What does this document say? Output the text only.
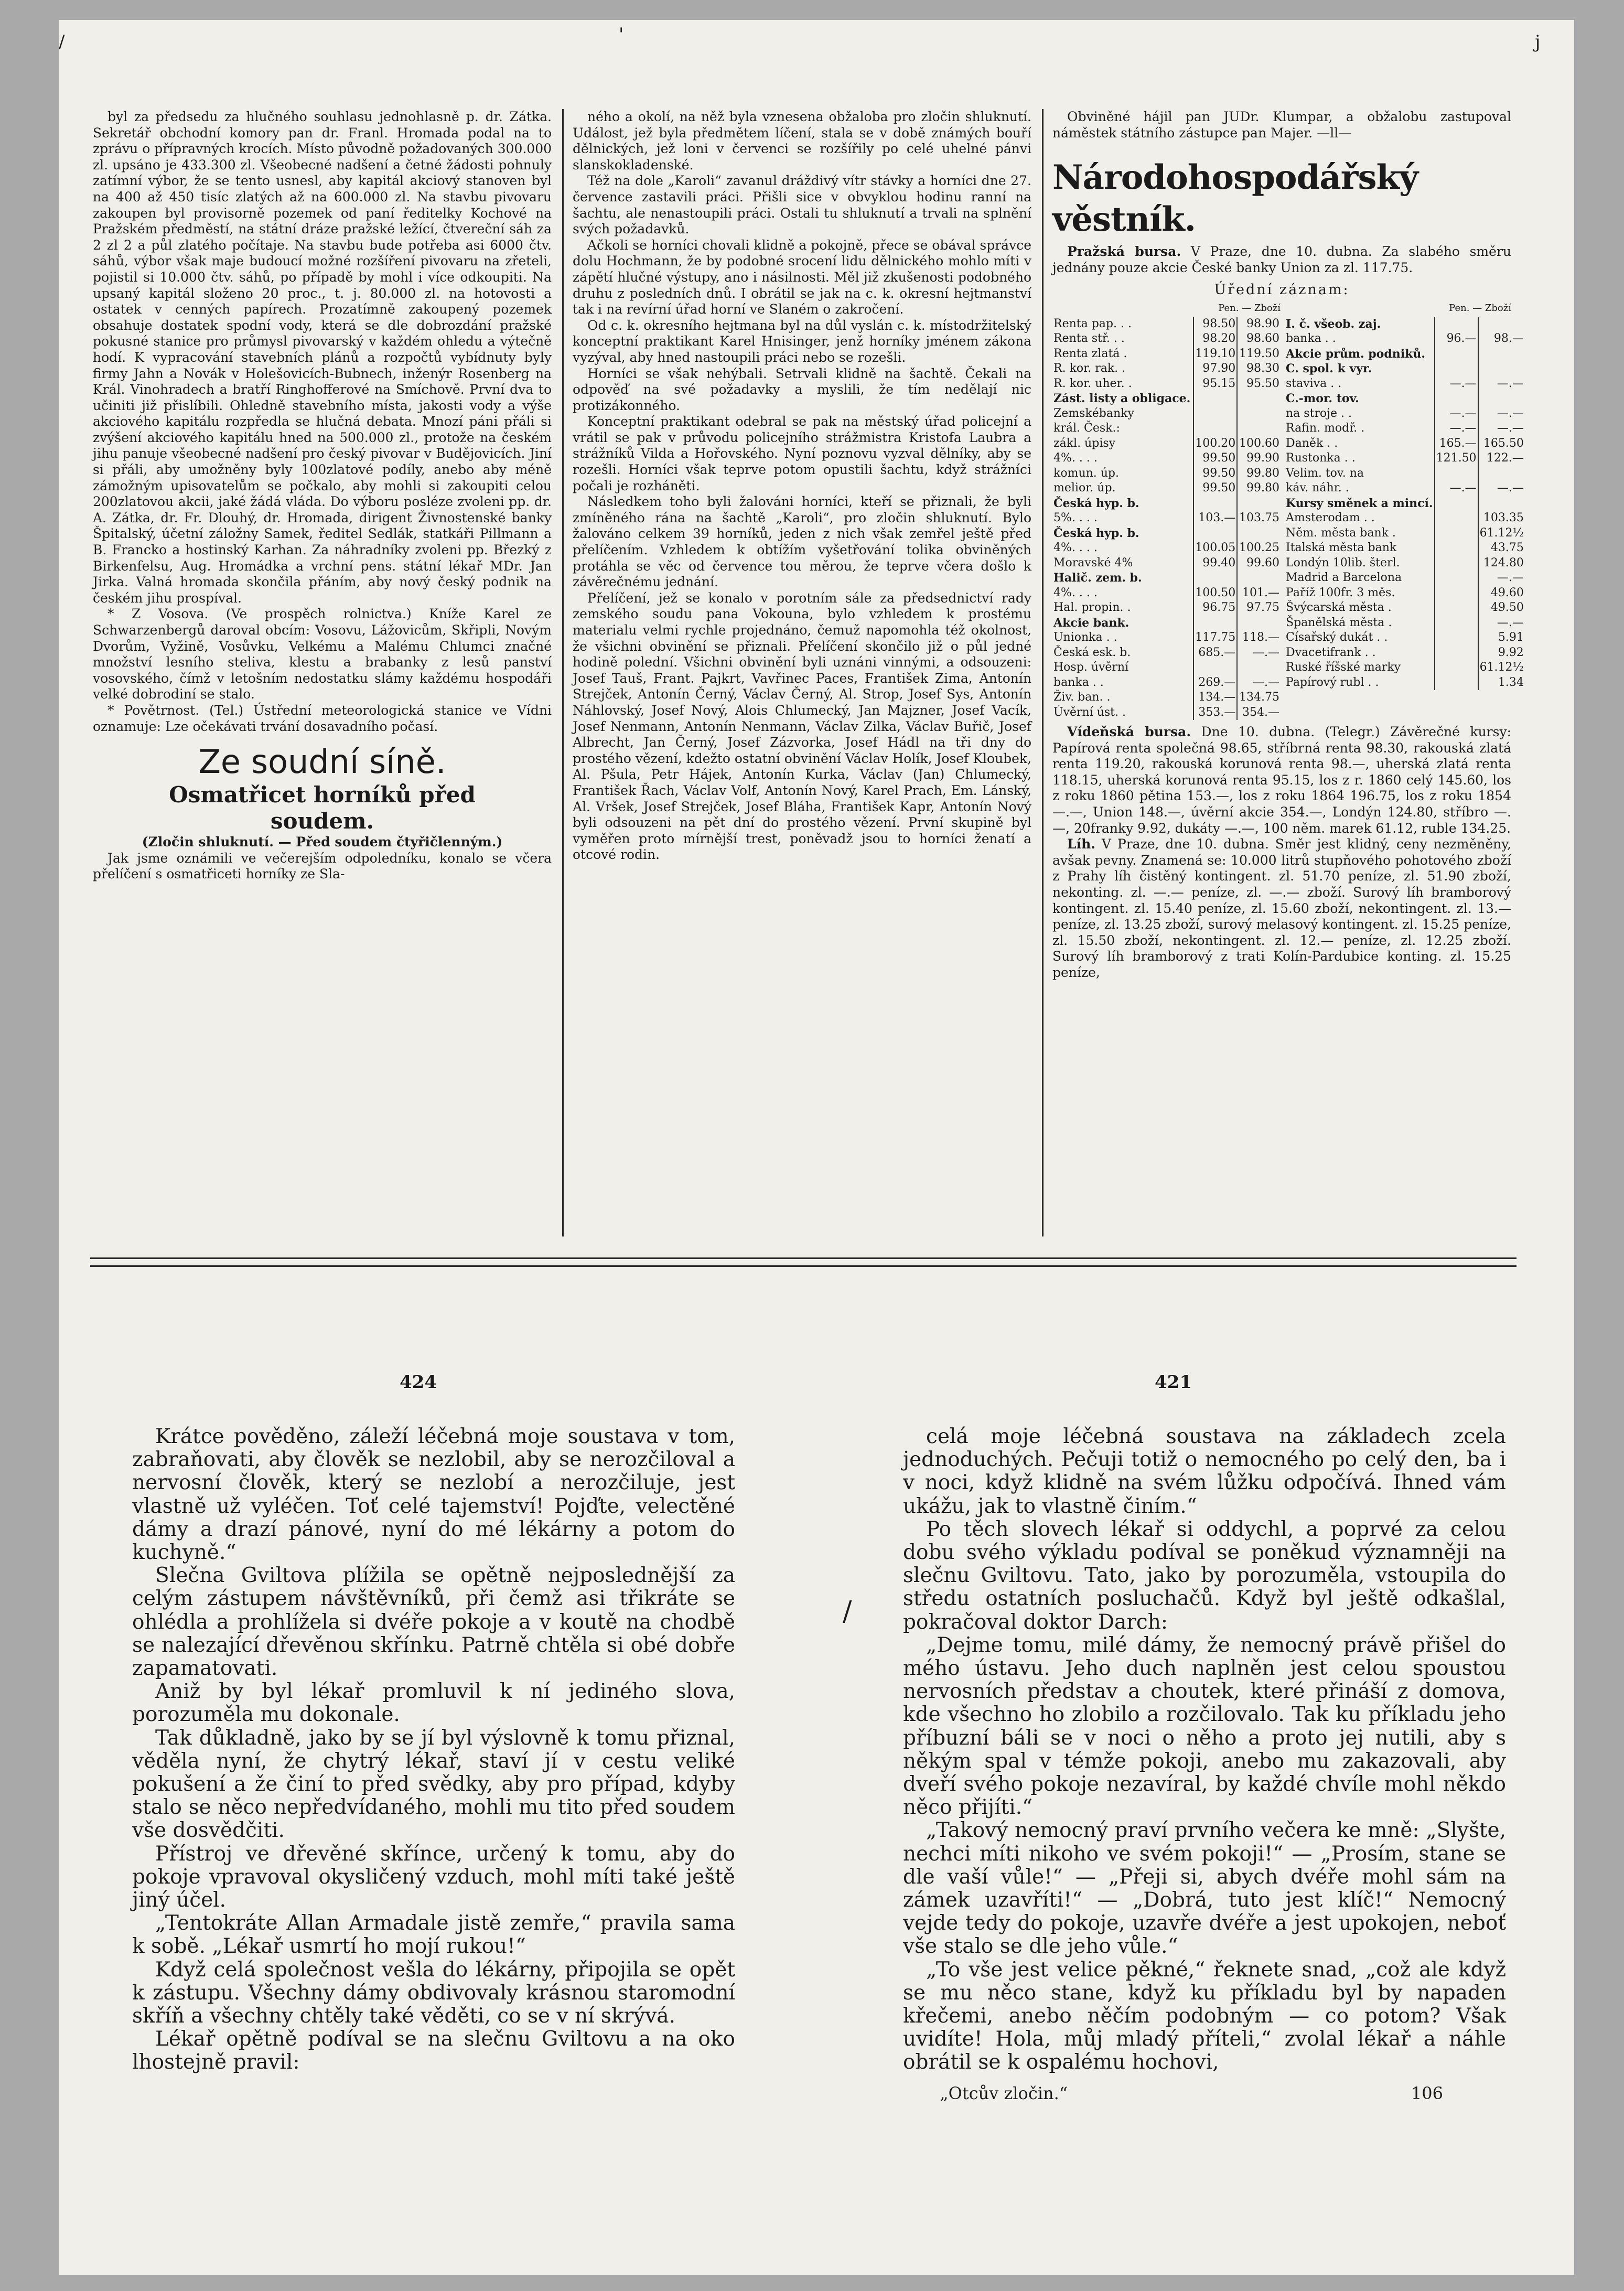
/	'	j

byl za předsedu za hlučného souhlasu jednohlasně p. dr. Zátka. Sekretář obchodní komory pan dr. Franl. Hromada podal na to zprávu o přípravných krocích. Místo původně požadovaných 300.000 zl. upsáno je 433.300 zl. Všeobecné nadšení a četné žádosti pohnuly zatímní výbor, že se tento usnesl, aby kapitál akciový stanoven byl na 400 až 450 tisíc zlatých až na 600.000 zl. Na stavbu pivovaru zakoupen byl provisorně pozemek od paní ředitelky Kochové na Pražském předměstí, na státní dráze pražské ležící, čtvereční sáh za 2 zl 2 a půl zlatého počítaje. Na stavbu bude potřeba asi 6000 čtv. sáhů, výbor však maje budoucí možné rozšíření pivovaru na zřeteli, pojistil si 10.000 čtv. sáhů, po případě by mohl i více odkoupiti. Na upsaný kapitál složeno 20 proc., t. j. 80.000 zl. na hotovosti a ostatek v cenných papírech. Prozatímně zakoupený pozemek obsahuje dostatek spodní vody, která se dle dobrozdání pražské pokusné stanice pro průmysl pivovarský v každém ohledu a výtečně hodí. K vypracování stavebních plánů a rozpočtů vybídnuty byly firmy Jahn a Novák v Holešovicích-Bubnech, inženýr Rosenberg na Král. Vinohradech a bratří Ringhofferové na Smíchově. První dva to učiniti již přislíbili. Ohledně stavebního místa, jakosti vody a výše akciového kapitálu rozpředla se hlučná debata. Mnozí páni přáli si zvýšení akciového kapitálu hned na 500.000 zl., protože na českém jihu panuje všeobecné nadšení pro český pivovar v Budějovicích. Jiní si přáli, aby umožněny byly 100zlatové podíly, anebo aby méně zámožným upisovatelům se počkalo, aby mohli si zakoupiti celou 200zlatovou akcii, jaké žádá vláda. Do výboru posléze zvoleni pp. dr. A. Zátka, dr. Fr. Dlouhý, dr. Hromada, dirigent Živnostenské banky Špitalský, účetní záložny Samek, ředitel Sedlák, statkáři Pillmann a B. Francko a hostinský Karhan. Za náhradníky zvoleni pp. Březký z Birkenfelsu, Aug. Hromádka a vrchní pens. státní lékař MDr. Jan Jirka. Valná hromada skončila přáním, aby nový český podnik na českém jihu prospíval.

* Z Vosova. (Ve prospěch rolnictva.) Kníže Karel ze Schwarzenbergů daroval obcím: Vosovu, Lážovicům, Skřipli, Novým Dvorům, Vyžině, Vosůvku, Velkému a Malému Chlumci značné množství lesního steliva, klestu a brabanky z lesů panství vosovského, čímž v letošním nedostatku slámy každému hospodáři velké dobrodiní se stalo.

* Povětrnost. (Tel.) Ústřední meteorologická stanice ve Vídni oznamuje: Lze očekávati trvání dosavadního počasí.

Ze soudní síně.
Osmatřicet horníků před
soudem.

(Zločin shluknutí. — Před soudem čtyřičlenným.)

Jak jsme oznámili ve večerejším odpoledníku, konalo se včera přelíčení s osmatřiceti horníky ze Sla-

ného a okolí, na něž byla vznesena obžaloba pro zločin shluknutí. Událost, jež byla předmětem líčení, stala se v době známých bouří dělnických, jež loni v červenci se rozšířily po celé uhelné pánvi slanskokladenské.

Též na dole „Karoli“ zavanul dráždivý vítr stávky a horníci dne 27. července zastavili práci. Přišli sice v obvyklou hodinu ranní na šachtu, ale nenastoupili práci. Ostali tu shluknutí a trvali na splnění svých požadavků.

Ačkoli se horníci chovali klidně a pokojně, přece se obával správce dolu Hochmann, že by podobné srocení lidu dělnického mohlo míti v zápětí hlučné výstupy, ano i násilnosti. Měl již zkušenosti podobného druhu z posledních dnů. I obrátil se jak na c. k. okresní hejtmanství tak i na revírní úřad horní ve Slaném o zakročení.

Od c. k. okresního hejtmana byl na důl vyslán c. k. místodržitelský konceptní praktikant Karel Hnisinger, jenž horníky jménem zákona vyzýval, aby hned nastoupili práci nebo se rozešli.

Horníci se však nehýbali. Setrvali klidně na šachtě. Čekali na odpověď na své požadavky a myslili, že tím nedělají nic protizákonného.

Konceptní praktikant odebral se pak na městský úřad policejní a vrátil se pak v průvodu policejního strážmistra Kristofa Laubra a strážníků Vilda a Hořovského. Nyní poznovu vyzval dělníky, aby se rozešli. Horníci však teprve potom opustili šachtu, když strážníci počali je rozháněti.

Následkem toho byli žalováni horníci, kteří se přiznali, že byli zmíněného rána na šachtě „Karoli“, pro zločin shluknutí. Bylo žalováno celkem 39 horníků, jeden z nich však zemřel ještě před přelíčením. Vzhledem k obtížím vyšetřování tolika obviněných protáhla se věc od července tou měrou, že teprve včera došlo k závěrečnému jednání.

Přelíčení, jež se konalo v porotním sále za předsednictví rady zemského soudu pana Vokouna, bylo vzhledem k prostému materialu velmi rychle projednáno, čemuž napomohla též okolnost, že všichni obvinění se přiznali. Přelíčení skončilo již o půl jedné hodině polední. Všichni obvinění byli uznáni vinnými, a odsouzeni: Josef Tauš, Frant. Pajkrt, Vavřinec Paces, František Zima, Antonín Strejček, Antonín Černý, Václav Černý, Al. Strop, Josef Sys, Antonín Náhlovský, Josef Nový, Alois Chlumecký, Jan Majzner, Josef Vacík, Josef Nenmann, Antonín Nenmann, Václav Zilka, Václav Buřič, Josef Albrecht, Jan Černý, Josef Zázvorka, Josef Hádl na tři dny do prostého vězení, kdežto ostatní obvinění Václav Holík, Josef Kloubek, Al. Pšula, Petr Hájek, Antonín Kurka, Václav (Jan) Chlumecký, František Řach, Václav Volf, Antonín Nový, Karel Prach, Em. Lánský, Al. Vršek, Josef Strejček, Josef Bláha, František Kapr, Antonín Nový byli odsouzeni na pět dní do prostého vězení. První skupině byl vyměřen proto mírnější trest, poněvadž jsou to horníci ženatí a otcové rodin.

Obviněné hájil pan JUDr. Klumpar, a obžalobu zastupoval náměstek státního zástupce pan Majer. —ll—

Národohospodářský věstník.

Pražská bursa. V Praze, dne 10. dubna. Za slabého směru jednány pouze akcie České banky Union za zl. 117.75.

Úřední záznam:
Pen. — Zboží
Renta pap. . .	98.50	98.90
Renta stř. . .	98.20	98.60
Renta zlatá .	119.10	119.50
R. kor. rak. .	97.90	98.30
R. kor. uher. .	95.15	95.50
Zást. listy a obligace.		
Zemskébanky		
král. Česk.:		
zákl. úpisy	100.20	100.60
4%. . . .	99.50	99.90
komun. úp.	99.50	99.80
melior. úp.	99.50	99.80
Česká hyp. b.		
5%. . . .	103.—	103.75
Česká hyp. b.		
4%. . . .	100.05	100.25
Moravské 4%	99.40	99.60
Halič. zem. b.		
4%. . . .	100.50	101.—
Hal. propin. .	96.75	97.75
Akcie bank.		
Unionka . .	117.75	118.—
Česká esk. b.	685.—	—.—
Hosp. úvěrní		
banka . .	269.—	—.—
Živ. ban. .	134.—	134.75
Úvěrní úst. .	353.—	354.—
Pen. — Zboží
I. č. všeob. zaj.		
banka . .	96.—	98.—
Akcie prům. podniků.		
C. spol. k vyr.		
staviva . .	—.—	—.—
C.-mor. tov.		
na stroje . .	—.—	—.—
Rafin. modř. .	—.—	—.—
Daněk . .	165.—	165.50
Rustonka . .	121.50	122.—
Velim. tov. na		
káv. náhr. .	—.—	—.—
Kursy směnek a mincí.		
Amsterodam . .		103.35
Něm. města bank .		61.12½
Italská města bank		43.75
Londýn 10lib. šterl.		124.80
Madrid a Barcelona		—.—
Paříž 100fr. 3 měs.		49.60
Švýcarská města .		49.50
Španělská města .		—.—
Císařský dukát . .		5.91
Dvacetifrank . .		9.92
Ruské říšské marky		61.12½
Papírový rubl . .		1.34

Vídeňská bursa. Dne 10. dubna. (Telegr.) Závěrečné kursy: Papírová renta společná 98.65, stříbrná renta 98.30, rakouská zlatá renta 119.20, rakouská korunová renta 98.—, uherská zlatá renta 118.15, uherská korunová renta 95.15, los z r. 1860 celý 145.60, los z roku 1860 pětina 153.—, los z roku 1864 196.75, los z roku 1854 —.—, Union 148.—, úvěrní akcie 354.—, Londýn 124.80, stříbro —.—, 20franky 9.92, dukáty —.—, 100 něm. marek 61.12, ruble 134.25.

Líh. V Praze, dne 10. dubna. Směr jest klidný, ceny nezměněny, avšak pevny. Znamená se: 10.000 litrů stupňového pohotového zboží z Prahy líh čistěný kontingent. zl. 51.70 peníze, zl. 51.90 zboží, nekonting. zl. —.— peníze, zl. —.— zboží. Surový líh bramborový kontingent. zl. 15.40 peníze, zl. 15.60 zboží, nekontingent. zl. 13.— peníze, zl. 13.25 zboží, surový melasový kontingent. zl. 15.25 peníze, zl. 15.50 zboží, nekontingent. zl. 12.— peníze, zl. 12.25 zboží. Surový líh bramborový z trati Kolín-Pardubice konting. zl. 15.25 peníze,

424	421

Krátce pověděno, záleží léčebná moje soustava v tom, zabraňovati, aby člověk se nezlobil, aby se nerozčiloval a nervosní člověk, který se nezlobí a nerozčiluje, jest vlastně už vyléčen. Toť celé tajemství! Pojďte, velectěné dámy a drazí pánové, nyní do mé lékárny a potom do kuchyně.“

Slečna Gviltova plížila se opětně nejposlednější za celým zástupem návštěvníků, při čemž asi třikráte se ohlédla a prohlížela si dvéře pokoje a v koutě na chodbě se nalezající dřevěnou skřínku. Patrně chtěla si obé dobře zapamatovati.

Aniž by byl lékař promluvil k ní jediného slova, porozuměla mu dokonale.

Tak důkladně, jako by se jí byl výslovně k tomu přiznal, věděla nyní, že chytrý lékař, staví jí v cestu veliké pokušení a že činí to před svědky, aby pro případ, kdyby stalo se něco nepředvídaného, mohli mu tito před soudem vše dosvědčiti.

Přístroj ve dřevěné skřínce, určený k tomu, aby do pokoje vpravoval okysličený vzduch, mohl míti také ještě jiný účel.

„Tentokráte Allan Armadale jistě zemře,“ pravila sama k sobě. „Lékař usmrtí ho mojí rukou!“

Když celá společnost vešla do lékárny, připojila se opět k zástupu. Všechny dámy obdivovaly krásnou staromodní skříň a všechny chtěly také věděti, co se v ní skrývá.

Lékař opětně podíval se na slečnu Gviltovu a na oko lhostejně pravil:

/

celá moje léčebná soustava na základech zcela jednoduchých. Pečuji totiž o nemocného po celý den, ba i v noci, když klidně na svém lůžku odpočívá. Ihned vám ukážu, jak to vlastně činím.“

Po těch slovech lékař si oddychl, a poprvé za celou dobu svého výkladu podíval se poněkud významněji na slečnu Gviltovu. Tato, jako by porozuměla, vstoupila do středu ostatních posluchačů. Když byl ještě odkašlal, pokračoval doktor Darch:

„Dejme tomu, milé dámy, že nemocný právě přišel do mého ústavu. Jeho duch naplněn jest celou spoustou nervosních představ a choutek, které přináší z domova, kde všechno ho zlobilo a rozčilovalo. Tak ku příkladu jeho příbuzní báli se v noci o něho a proto jej nutili, aby s někým spal v témže pokoji, anebo mu zakazovali, aby dveří svého pokoje nezavíral, by každé chvíle mohl někdo něco přijíti.“

„Takový nemocný praví prvního večera ke mně: „Slyšte, nechci míti nikoho ve svém pokoji!“ — „Prosím, stane se dle vaší vůle!“ — „Přeji si, abych dvéře mohl sám na zámek uzavříti!“ — „Dobrá, tuto jest klíč!“ Nemocný vejde tedy do pokoje, uzavře dvéře a jest upokojen, neboť vše stalo se dle jeho vůle.“

„To vše jest velice pěkné,“ řeknete snad, „což ale když se mu něco stane, když ku příkladu byl by napaden křečemi, anebo něčím podobným — co potom? Však uvidíte! Hola, můj mladý příteli,“ zvolal lékař a náhle obrátil se k ospalému hochovi,

„Otcův zločin.“	106
